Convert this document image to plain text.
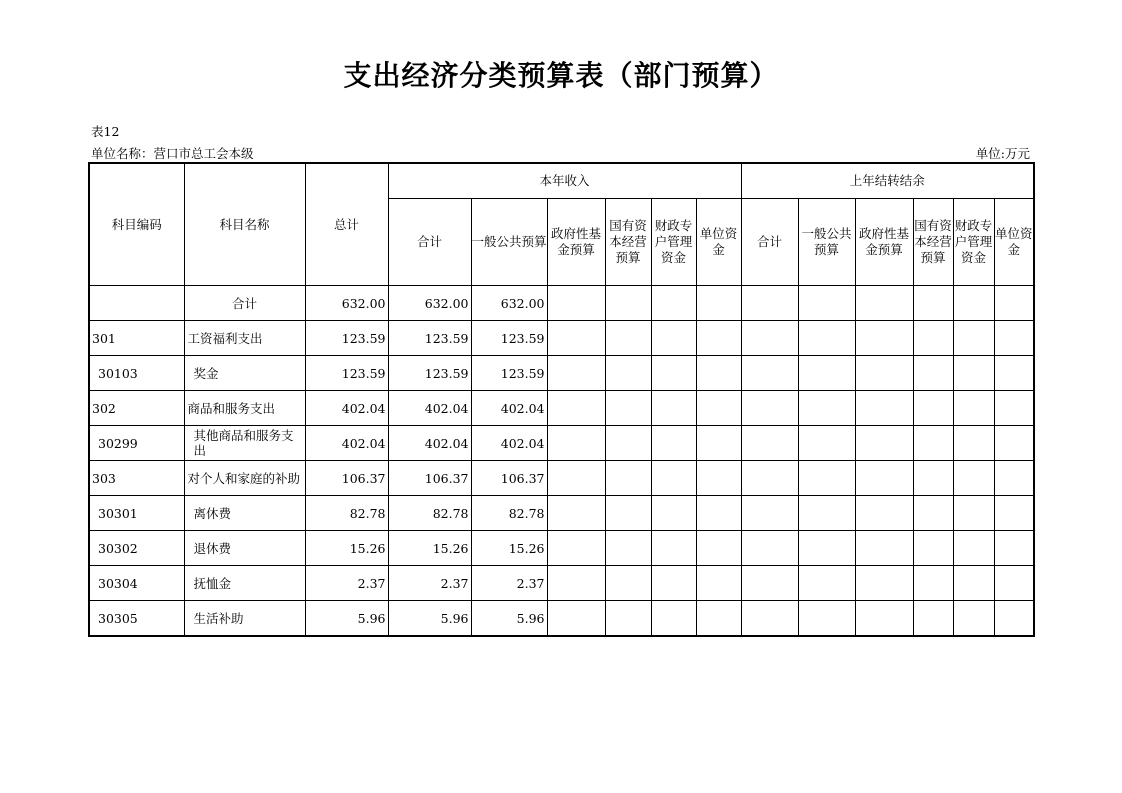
支出经济分类预算表（部门预算）
表12
单位名称：营口市总工会本级	单位:万元
科目编码	科目名称	总计	本年收入						上年结转结余					
			合计	一般公共预算	政府性基金预算	国有资本经营预算	财政专户管理资金	单位资金	合计	一般公共预算	政府性基金预算	国有资本经营预算	财政专户管理资金	单位资金
	合计	632.00	632.00	632.00										
301	工资福利支出	123.59	123.59	123.59										
30103	奖金	123.59	123.59	123.59										
302	商品和服务支出	402.04	402.04	402.04										
30299	其他商品和服务支出	402.04	402.04	402.04										
303	对个人和家庭的补助	106.37	106.37	106.37										
30301	离休费	82.78	82.78	82.78										
30302	退休费	15.26	15.26	15.26										
30304	抚恤金	2.37	2.37	2.37										
30305	生活补助	5.96	5.96	5.96										
